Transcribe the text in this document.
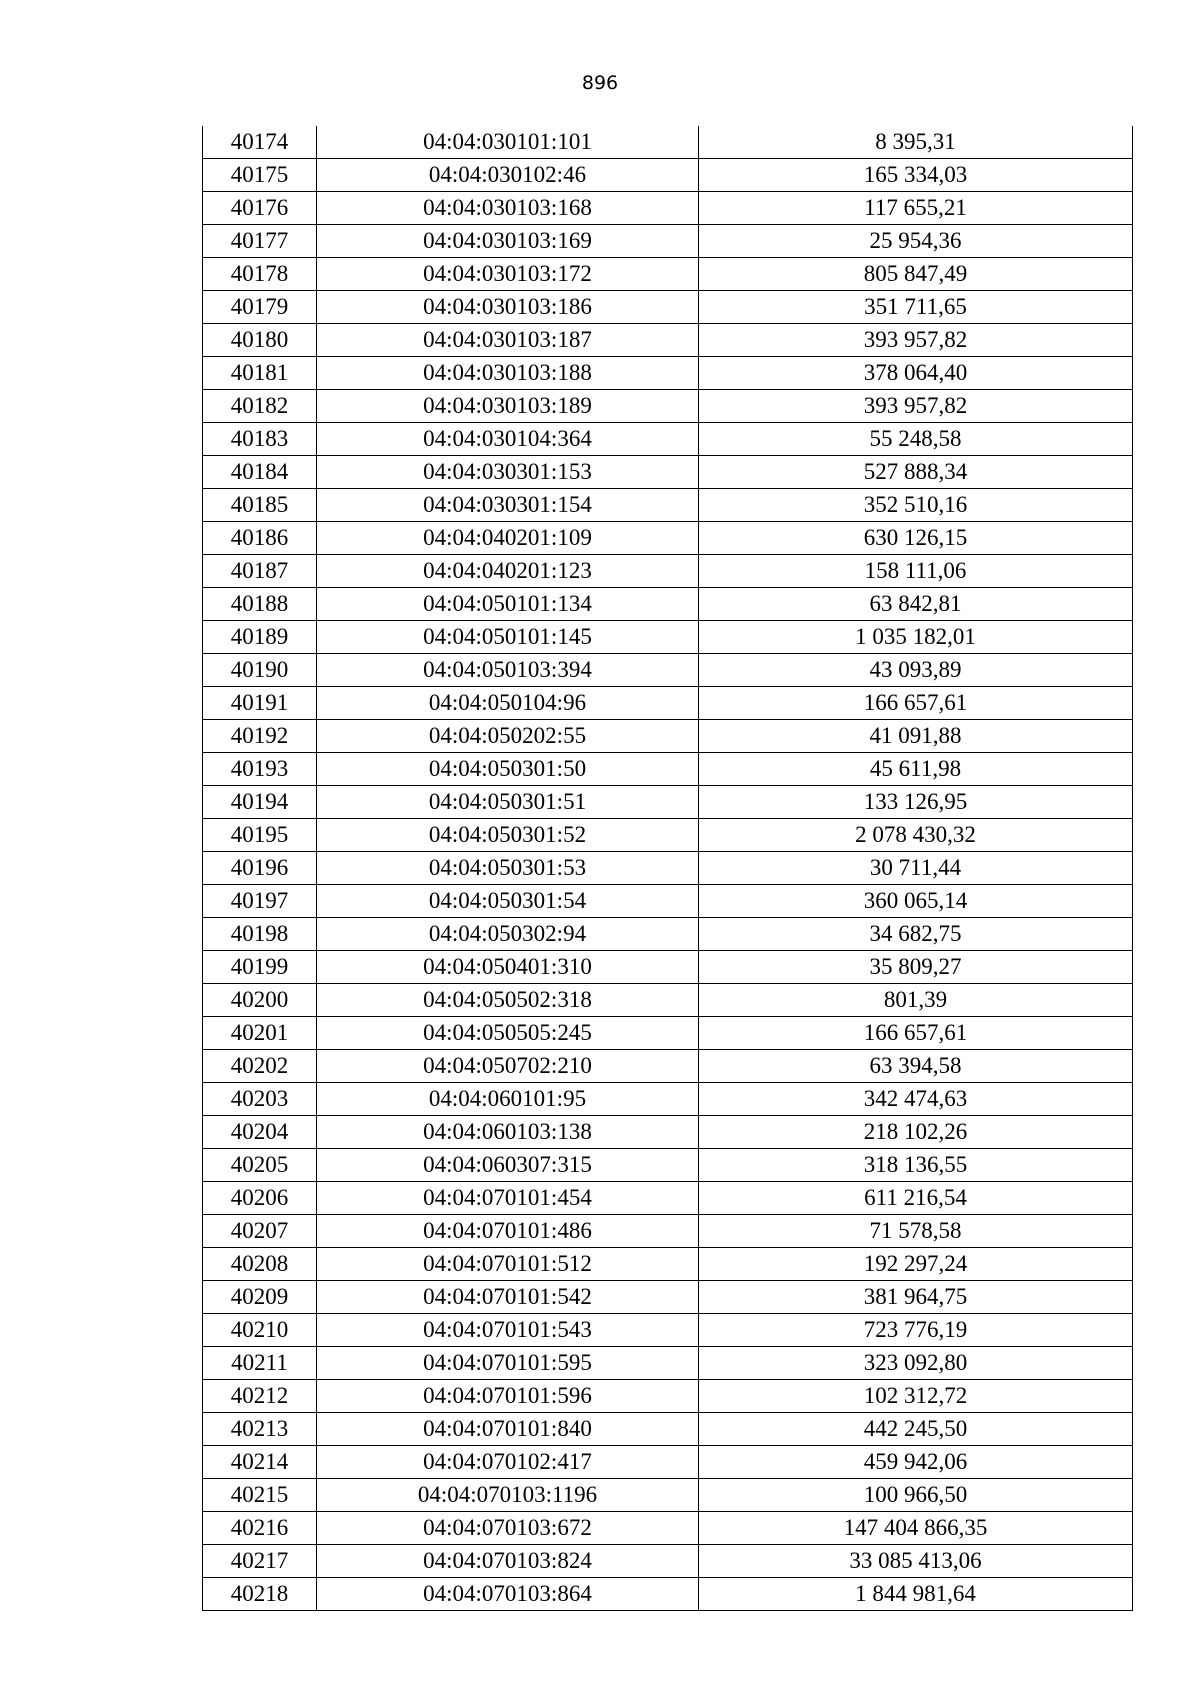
896
40174	04:04:030101:101	8 395,31
40175	04:04:030102:46	165 334,03
40176	04:04:030103:168	117 655,21
40177	04:04:030103:169	25 954,36
40178	04:04:030103:172	805 847,49
40179	04:04:030103:186	351 711,65
40180	04:04:030103:187	393 957,82
40181	04:04:030103:188	378 064,40
40182	04:04:030103:189	393 957,82
40183	04:04:030104:364	55 248,58
40184	04:04:030301:153	527 888,34
40185	04:04:030301:154	352 510,16
40186	04:04:040201:109	630 126,15
40187	04:04:040201:123	158 111,06
40188	04:04:050101:134	63 842,81
40189	04:04:050101:145	1 035 182,01
40190	04:04:050103:394	43 093,89
40191	04:04:050104:96	166 657,61
40192	04:04:050202:55	41 091,88
40193	04:04:050301:50	45 611,98
40194	04:04:050301:51	133 126,95
40195	04:04:050301:52	2 078 430,32
40196	04:04:050301:53	30 711,44
40197	04:04:050301:54	360 065,14
40198	04:04:050302:94	34 682,75
40199	04:04:050401:310	35 809,27
40200	04:04:050502:318	801,39
40201	04:04:050505:245	166 657,61
40202	04:04:050702:210	63 394,58
40203	04:04:060101:95	342 474,63
40204	04:04:060103:138	218 102,26
40205	04:04:060307:315	318 136,55
40206	04:04:070101:454	611 216,54
40207	04:04:070101:486	71 578,58
40208	04:04:070101:512	192 297,24
40209	04:04:070101:542	381 964,75
40210	04:04:070101:543	723 776,19
40211	04:04:070101:595	323 092,80
40212	04:04:070101:596	102 312,72
40213	04:04:070101:840	442 245,50
40214	04:04:070102:417	459 942,06
40215	04:04:070103:1196	100 966,50
40216	04:04:070103:672	147 404 866,35
40217	04:04:070103:824	33 085 413,06
40218	04:04:070103:864	1 844 981,64
